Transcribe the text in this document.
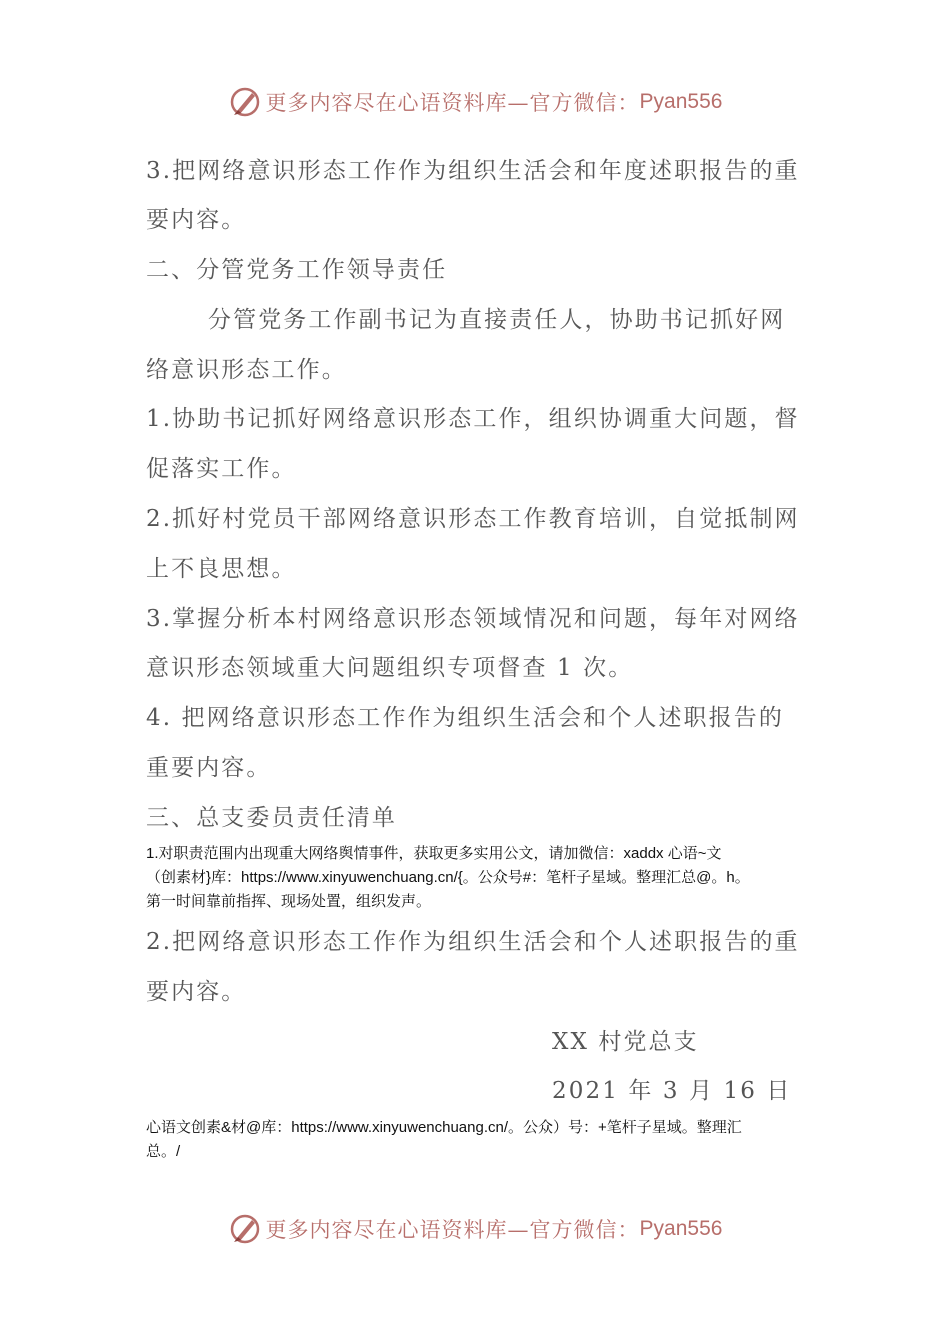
更多内容尽在心语资料库—官方微信： Pyan556
3.把网络意识形态工作作为组织生活会和年度述职报告的重
要内容。
二、分管党务工作领导责任
分管党务工作副书记为直接责任人，协助书记抓好网
络意识形态工作。
1.协助书记抓好网络意识形态工作，组织协调重大问题，督
促落实工作。
2.抓好村党员干部网络意识形态工作教育培训，自觉抵制网
上不良思想。
3.掌握分析本村网络意识形态领域情况和问题，每年对网络
意识形态领域重大问题组织专项督查 1 次。
4. 把网络意识形态工作作为组织生活会和个人述职报告的
重要内容。
三、总支委员责任清单
1.对职责范围内出现重大网络舆情事件，获取更多实用公文，请加微信：xaddx 心语~文
（创素材}库：https://www.xinyuwenchuang.cn/{。公众号#：笔杆子星域。整理汇总@。h。
第一时间靠前指挥、现场处置，组织发声。
2.把网络意识形态工作作为组织生活会和个人述职报告的重
要内容。
XX 村党总支
2021 年 3 月 16 日
心语文创素&材@库：https://www.xinyuwenchuang.cn/。公众）号：+笔杆子星域。整理汇
总。/
更多内容尽在心语资料库—官方微信： Pyan556
